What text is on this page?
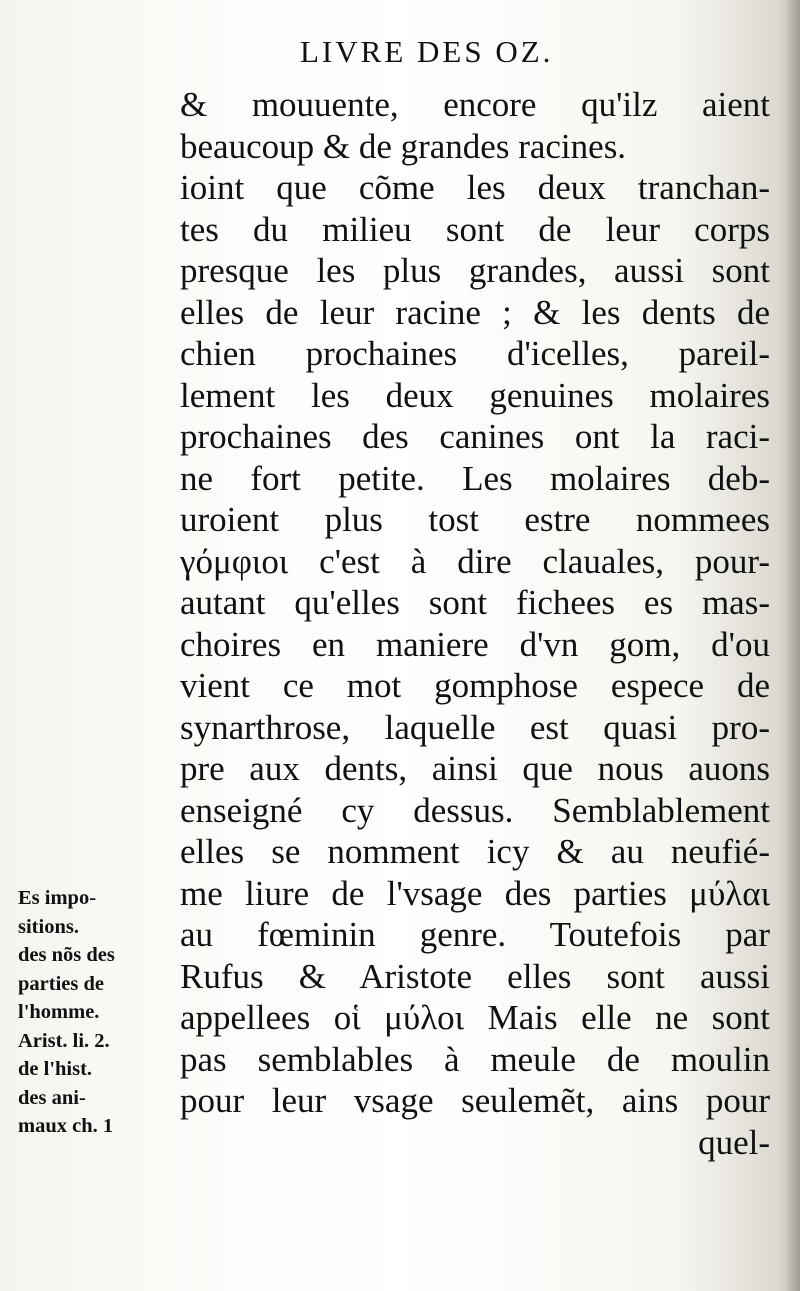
LIVRE DES OZ.
& mouuente, encore qu'ilz aient
beaucoup & de grandes racines.
ioint que cõme les deux tranchan-
tes du milieu sont de leur corps
presque les plus grandes, aussi sont
elles de leur racine ; & les dents de
chien prochaines d'icelles, pareil-
lement les deux genuines molaires
prochaines des canines ont la raci-
ne fort petite. Les molaires deb-
uroient plus tost estre nommees
γόμφιοι c'est à dire clauales, pour-
autant qu'elles sont fichees es mas-
choires en maniere d'vn gom, d'ou
vient ce mot gomphose espece de
synarthrose, laquelle est quasi pro-
pre aux dents, ainsi que nous auons
enseigné cy dessus. Semblablement
elles se nomment icy & au neufié-
me liure de l'vsage des parties μύλαι
au fœminin genre. Toutefois par
Rufus & Aristote elles sont aussi
appellees οἱ μύλοι Mais elle ne sont
pas semblables à meule de moulin
pour leur vsage seulemẽt, ains pour
quel-
Es impo-
sitions.
des nõs des
parties de
l'homme.
Arist. li. 2.
de l'hist.
des ani-
maux ch. 1
